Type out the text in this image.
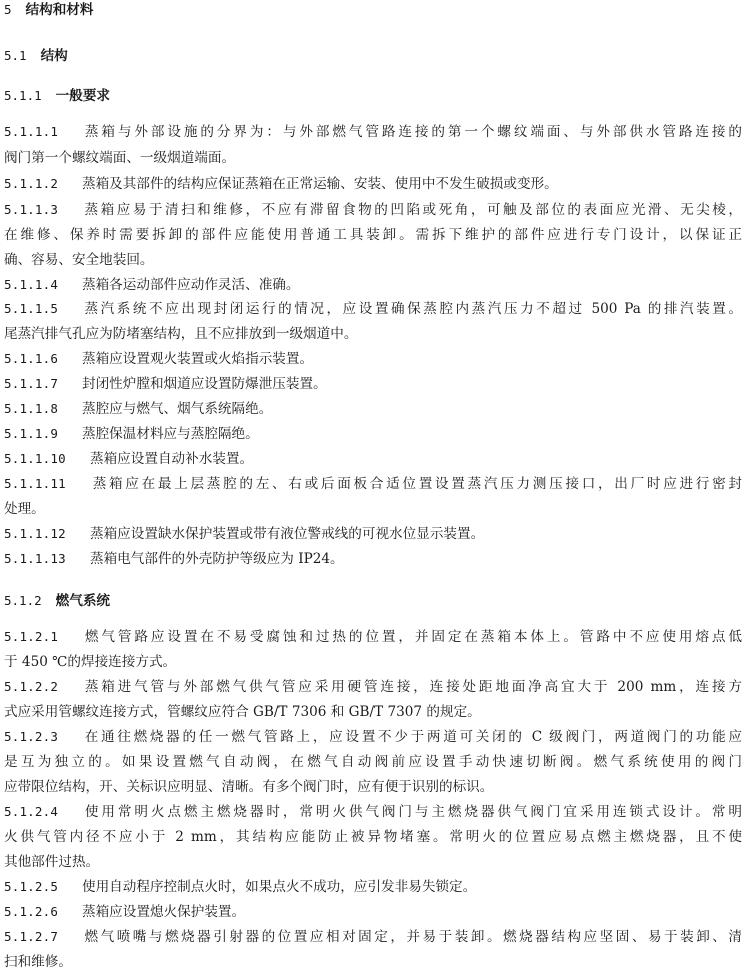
5 结构和材料
5.1 结构
5.1.1 一般要求
5.1.1.1 蒸箱与外部设施的分界为：与外部燃气管路连接的第一个螺纹端面、与外部供水管路连接的
阀门第一个螺纹端面、一级烟道端面。
5.1.1.2 蒸箱及其部件的结构应保证蒸箱在正常运输、安装、使用中不发生破损或变形。
5.1.1.3 蒸箱应易于清扫和维修，不应有滞留食物的凹陷或死角，可触及部位的表面应光滑、无尖棱，
在维修、保养时需要拆卸的部件应能使用普通工具装卸。需拆下维护的部件应进行专门设计，以保证正
确、容易、安全地装回。
5.1.1.4 蒸箱各运动部件应动作灵活、准确。
5.1.1.5 蒸汽系统不应出现封闭运行的情况，应设置确保蒸腔内蒸汽压力不超过 500 Pa 的排汽装置。
尾蒸汽排气孔应为防堵塞结构，且不应排放到一级烟道中。
5.1.1.6 蒸箱应设置观火装置或火焰指示装置。
5.1.1.7 封闭性炉膛和烟道应设置防爆泄压装置。
5.1.1.8 蒸腔应与燃气、烟气系统隔绝。
5.1.1.9 蒸腔保温材料应与蒸腔隔绝。
5.1.1.10 蒸箱应设置自动补水装置。
5.1.1.11 蒸箱应在最上层蒸腔的左、右或后面板合适位置设置蒸汽压力测压接口，出厂时应进行密封
处理。
5.1.1.12 蒸箱应设置缺水保护装置或带有液位警戒线的可视水位显示装置。
5.1.1.13 蒸箱电气部件的外壳防护等级应为 IP24。
5.1.2 燃气系统
5.1.2.1 燃气管路应设置在不易受腐蚀和过热的位置，并固定在蒸箱本体上。管路中不应使用熔点低
于 450 ℃的焊接连接方式。
5.1.2.2 蒸箱进气管与外部燃气供气管应采用硬管连接，连接处距地面净高宜大于 200 mm，连接方
式应采用管螺纹连接方式，管螺纹应符合 GB/T 7306 和 GB/T 7307 的规定。
5.1.2.3 在通往燃烧器的任一燃气管路上，应设置不少于两道可关闭的 C 级阀门，两道阀门的功能应
是互为独立的。如果设置燃气自动阀，在燃气自动阀前应设置手动快速切断阀。燃气系统使用的阀门
应带限位结构，开、关标识应明显、清晰。有多个阀门时，应有便于识别的标识。
5.1.2.4 使用常明火点燃主燃烧器时，常明火供气阀门与主燃烧器供气阀门宜采用连锁式设计。常明
火供气管内径不应小于 2 mm，其结构应能防止被异物堵塞。常明火的位置应易点燃主燃烧器，且不使
其他部件过热。
5.1.2.5 使用自动程序控制点火时，如果点火不成功，应引发非易失锁定。
5.1.2.6 蒸箱应设置熄火保护装置。
5.1.2.7 燃气喷嘴与燃烧器引射器的位置应相对固定，并易于装卸。燃烧器结构应坚固、易于装卸、清
扫和维修。
